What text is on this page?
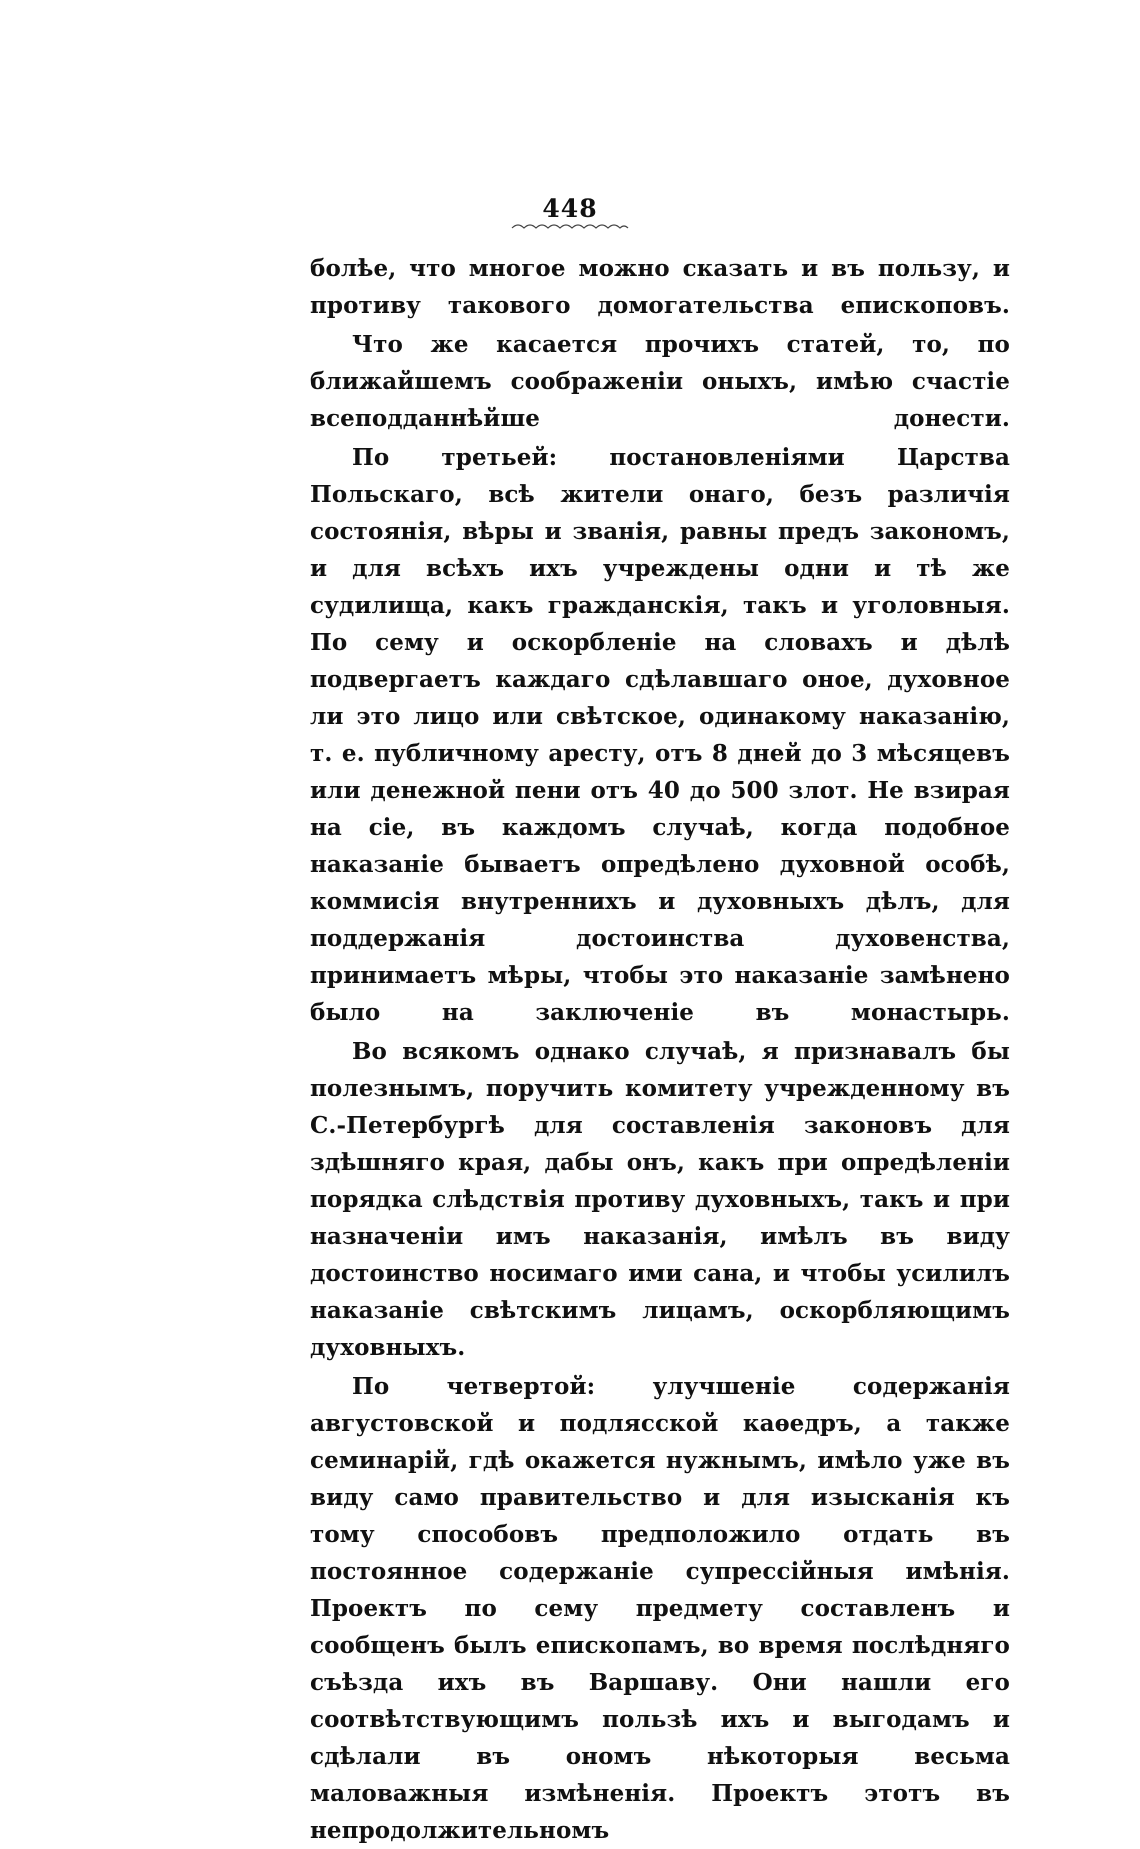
448

болѣе, что многое можно сказать и въ пользу, и противу такового домогательства епископовъ.

Что же касается прочихъ статей, то, по ближайшемъ соображеніи оныхъ, имѣю счастіе всеподданнѣйше донести.

По третьей: постановленіями Царства Польскаго, всѣ жители онаго, безъ различія состоянія, вѣры и званія, равны предъ закономъ, и для всѣхъ ихъ учреждены одни и тѣ же судилища, какъ гражданскія, такъ и уголовныя. По сему и оскорбленіе на словахъ и дѣлѣ подвергаетъ каждаго сдѣлавшаго оное, духовное ли это лицо или свѣтское, одинакому наказанію, т. е. публичному аресту, отъ 8 дней до 3 мѣсяцевъ или денежной пени отъ 40 до 500 злот. Не взирая на сіе, въ каждомъ случаѣ, когда подобное наказаніе бываетъ опредѣлено духовной особѣ, коммисія внутреннихъ и духовныхъ дѣлъ, для поддержанія достоинства духовенства, принимаетъ мѣры, чтобы это наказаніе замѣнено было на заключеніе въ монастырь.

Во всякомъ однако случаѣ, я признавалъ бы полезнымъ, поручить комитету учрежденному въ С.-Петербургѣ для составленія законовъ для здѣшняго края, дабы онъ, какъ при опредѣленіи порядка слѣдствія противу духовныхъ, такъ и при назначеніи имъ наказанія, имѣлъ въ виду достоинство носимаго ими сана, и чтобы усилилъ наказаніе свѣтскимъ лицамъ, оскорбляющимъ духовныхъ.

По четвертой: улучшеніе содержанія августовской и подлясской каѳедръ, а также семинарій, гдѣ окажется нужнымъ, имѣло уже въ виду само правительство и для изысканія къ тому способовъ предположило отдать въ постоянное содержаніе супрессійныя имѣнія. Проектъ по сему предмету составленъ и сообщенъ былъ епископамъ, во время послѣдняго съѣзда ихъ въ Варшаву. Они нашли его соотвѣтствующимъ пользѣ ихъ и выгодамъ и сдѣлали въ ономъ нѣкоторыя весьма маловажныя измѣненія. Проектъ этотъ въ непродолжительномъ
